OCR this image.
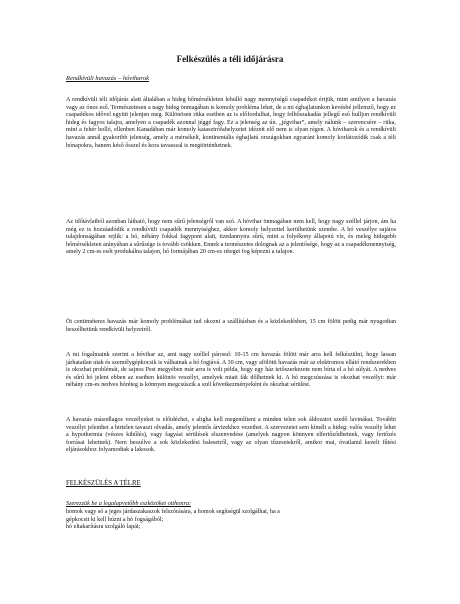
Felkészülés a téli időjárásra
Rendkívüli havazás – hóviharok
A rendkívüli téli időjárás alatt általában a hideg hőmérsékleten lehulló nagy mennyiségű csapadékot értjük, mint amilyen a havazás vagy az ónos eső. Természetesen a nagy hideg önmagában is komoly probléma lehet, de a mi éghajlatunkon kevésbé jellemző, hogy ez csapadékos idővel együtt jelenjen meg. Különösen ritka esetben az is előfordulhat, hogy felhőszakadás jellegű eső hulljon rendkívüli hideg és fagyos talajra, amelyen a csapadék azonnal jéggé fagy. Ez a jelenség az ún. „jégvihar”, amely nálunk – szerencsére – ritka, mint a fehér holló, ellenben Kanadában már komoly katasztrófahelyzetet idézett elő nem is olyan régen. A hóviharok és a rendkívüli havazás annál gyakoribb jelenség, amely a mérsékelt, kontinentális éghajlatú országokban egyaránt komoly korlátozódik csak a téli hónapokra, hanem késő ősszel és kora tavasszal is megtörténhetnek.
Az időtávlatból azonban látható, hogy nem sűrű jelenségről van szó. A hóvihar önmagában nem kell, hogy nagy széllel járjon, ám ha még ez is hozzáadódik a rendkívüli csapadék mennyiséghez, akkor komoly helyzettel kerülhetünk szembe. A hó veszélye sajátos tulajdonságában rejlik: a hó, néhány fokkal fagypont alatt, tizedannyira sűrű, mint a folyékony állapotú víz, és meleg hidegebb hőmérsékleten arányában a sűrűsége is tovább csökken. Ennek a természetes dolognak az a jelentősége, hogy az a csapadékmennyiség, amely 2 cm-es esőt produkálna talajon, hó formájában 20 cm-es réteget fog képezni a talajon.
Öt centiméteres havazás már komoly problémákat tud okozni a szállításban és a közlekedésben, 15 cm fölött pedig már nyugodtan beszélhetünk rendkívüli helyzetről.
A mi fogalmaink szerint a hóvihar az, ami nagy széllel párosul: 10-15 cm havazás fölött már arra kell felkészülni, hogy lassan járhatatlan utak és személygépkocsik is válhatnak a hó fogjává. A 30 cm, vagy afölötti havazás már az elektromos ellátó rendszerekben is okozhat problémát, de sajnos Pest megyében már arra is volt példa, hogy egy ház tetőszerkezete nem bírta el a hó súlyát. A nedves és sűrű hó jelent ebben az esetben különös veszélyt, amelyek miatt fák dőlhetnek ki. A hó megcsúszása is okozhat veszélyt: már néhány cm-es nedves hóréteg is könnyen megcsúszik a szél következményeként és okozhat sérülést.
A havazás másodlagos veszélyeket is előidézhet, s aligha kell megemlíteni a minden telen sok áldozatot szedő lavinákat. További veszélyt jelenthet a hirtelen tavaszi olvadás, amely jelentős árvizekhez vezethet. A szervezetet sem kíméli a hideg: valós veszély lehet a hypothermia (vészes kihűlés), vagy fagyási sérülések elszenvedése (amelyek nagyon könnyen elfertőződhetnek, vagy fertőzés forrásai lehetnek). Nem beszélve a sok közlekedési balesetről, vagy az olyan tűzesetekről, amikor mai, óvatlanul kezelt fűtési eljárásokhoz folyamodtak a lakosok.
FELKÉSZÜLÉS A TÉLRE
Szerezzük be a legalapvetőbb eszközöket otthonra:
homok vagy só a jeges járdaszakaszok felszórására, a homok segítségül szolgálhat, ha a
gépkocsit ki kell húzni a hó fogságából;
hó eltakarításra szolgáló lapát;
